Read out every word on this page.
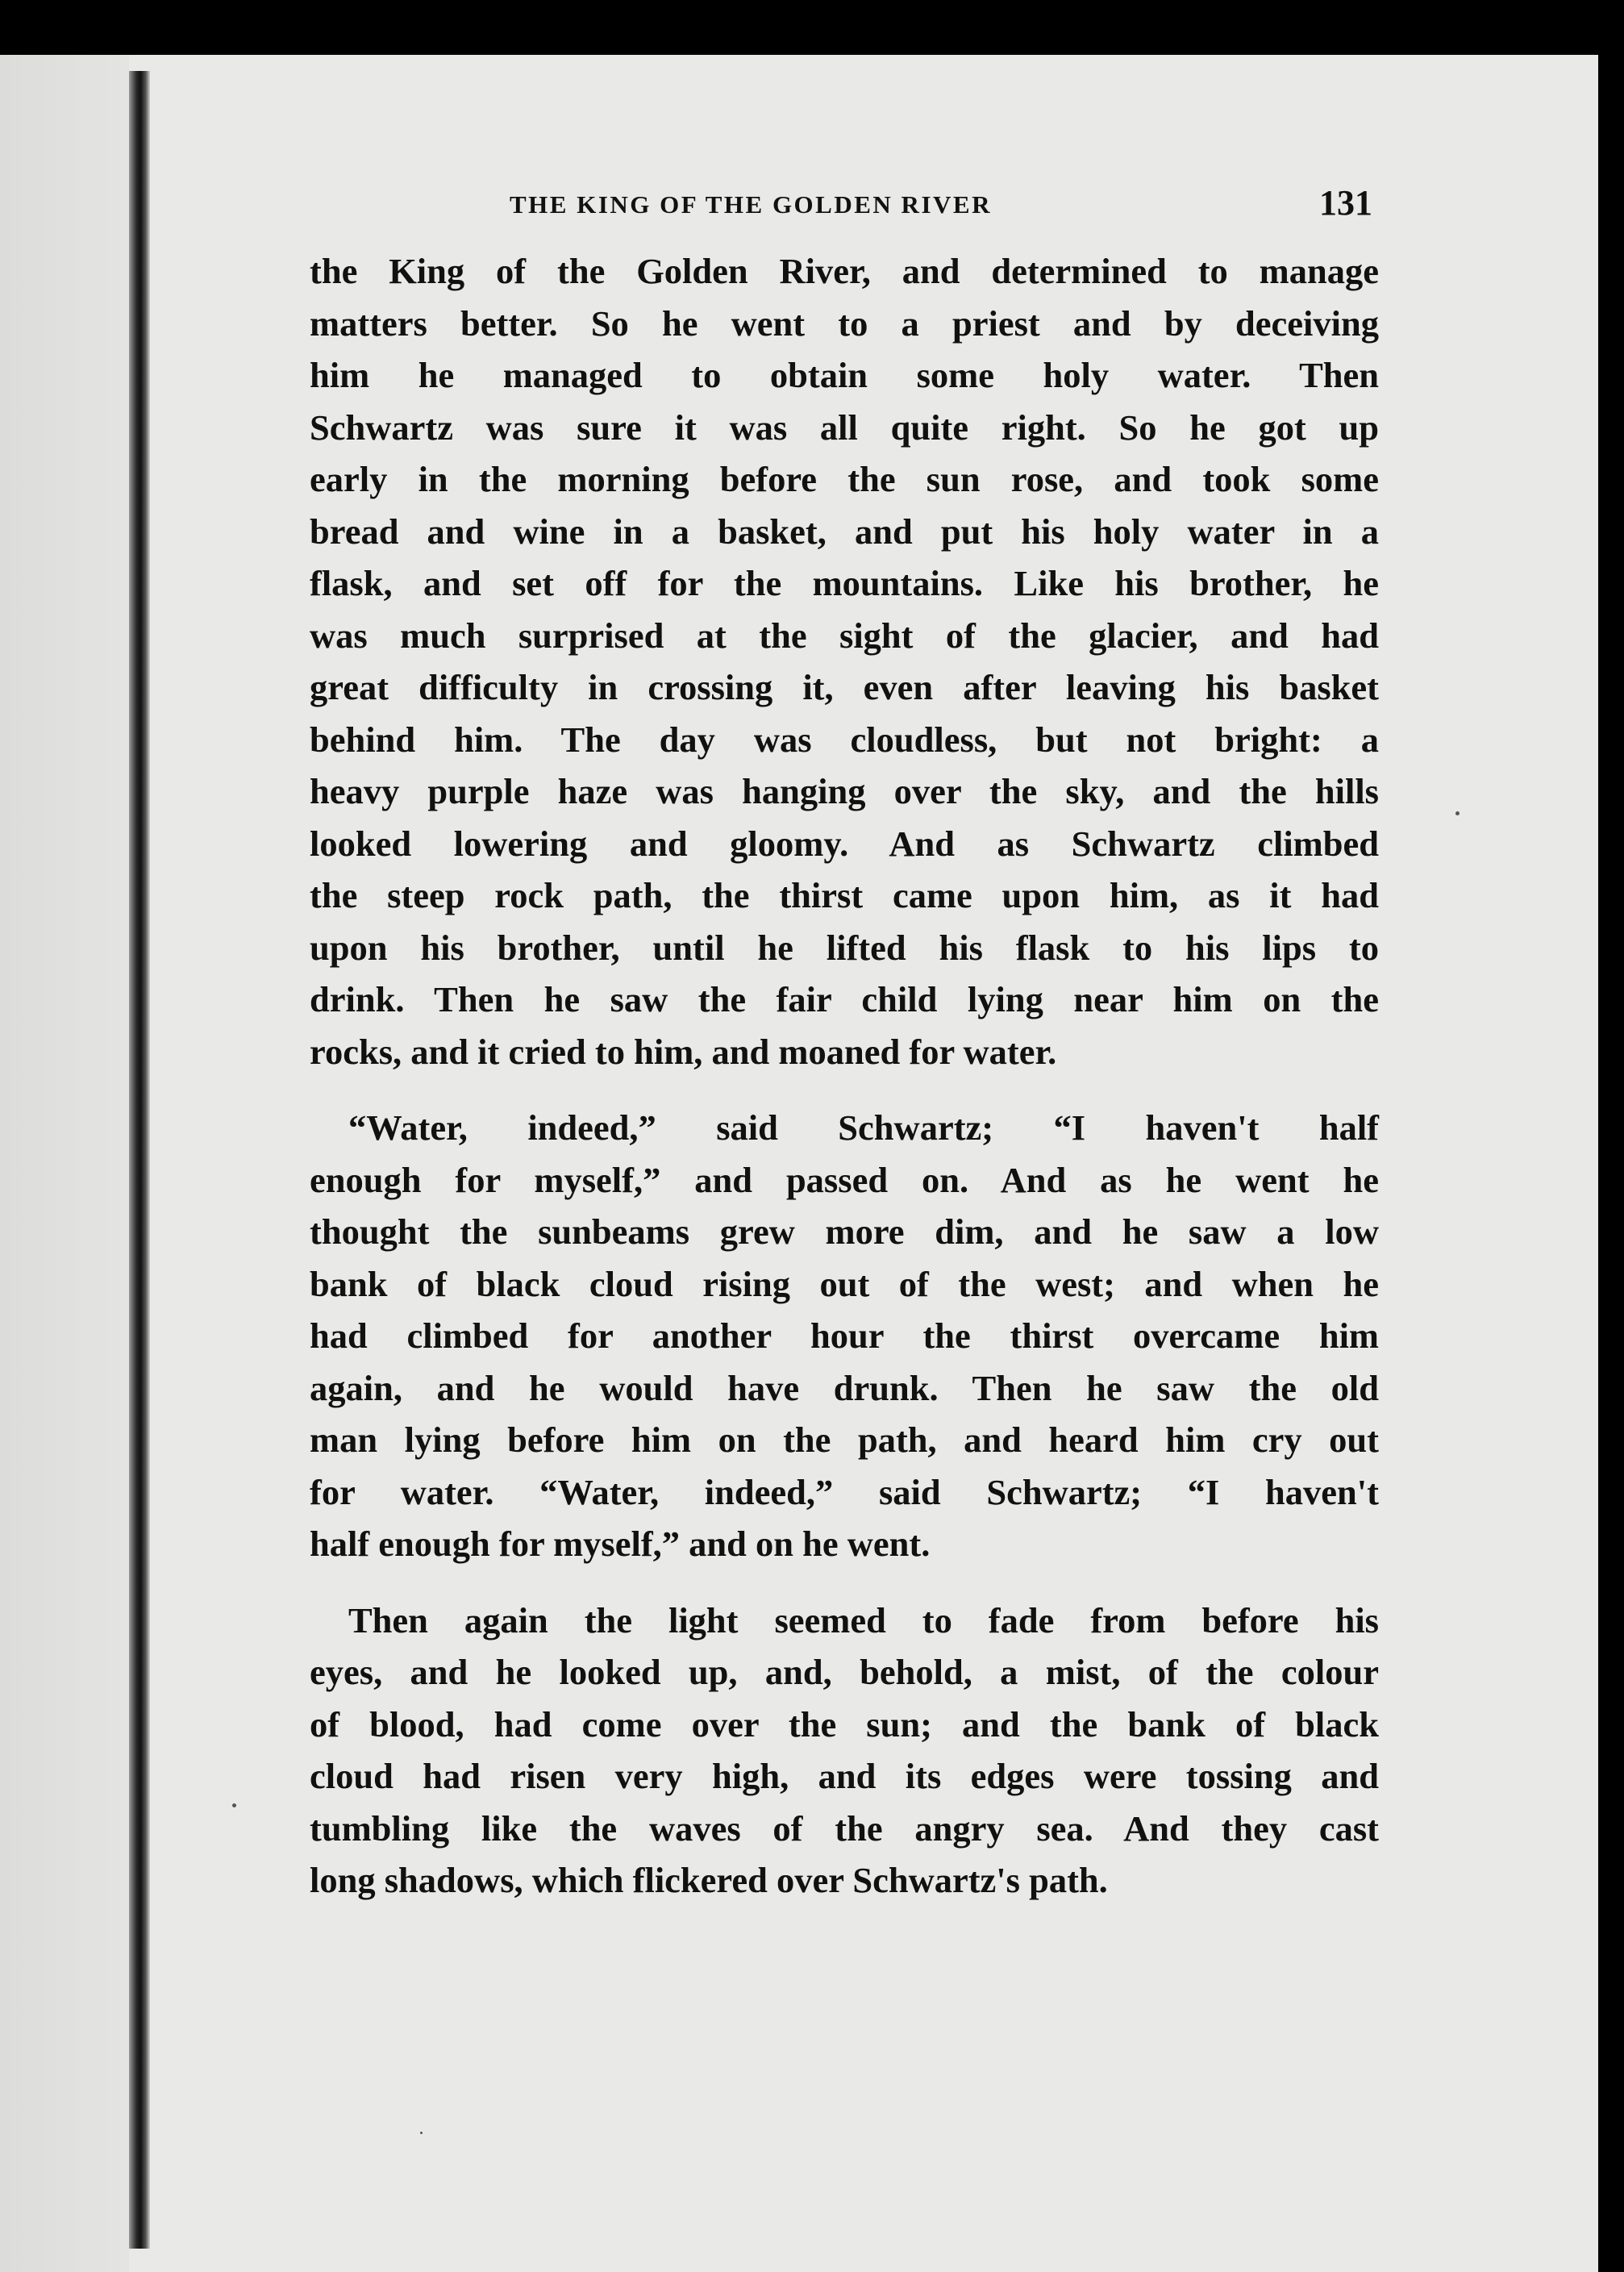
THE KING OF THE GOLDEN RIVER	131
the King of the Golden River, and determined to manage
matters better. So he went to a priest and by deceiving
him he managed to obtain some holy water. Then
Schwartz was sure it was all quite right. So he got up
early in the morning before the sun rose, and took some
bread and wine in a basket, and put his holy water in a
flask, and set off for the mountains. Like his brother, he
was much surprised at the sight of the glacier, and had
great difficulty in crossing it, even after leaving his basket
behind him. The day was cloudless, but not bright: a
heavy purple haze was hanging over the sky, and the hills
looked lowering and gloomy. And as Schwartz climbed
the steep rock path, the thirst came upon him, as it had
upon his brother, until he lifted his flask to his lips to
drink. Then he saw the fair child lying near him on the
rocks, and it cried to him, and moaned for water.
“Water, indeed,” said Schwartz; “I haven't half
enough for myself,” and passed on. And as he went he
thought the sunbeams grew more dim, and he saw a low
bank of black cloud rising out of the west; and when he
had climbed for another hour the thirst overcame him
again, and he would have drunk. Then he saw the old
man lying before him on the path, and heard him cry out
for water. “Water, indeed,” said Schwartz; “I haven't
half enough for myself,” and on he went.
Then again the light seemed to fade from before his
eyes, and he looked up, and, behold, a mist, of the colour
of blood, had come over the sun; and the bank of black
cloud had risen very high, and its edges were tossing and
tumbling like the waves of the angry sea. And they cast
long shadows, which flickered over Schwartz's path.
